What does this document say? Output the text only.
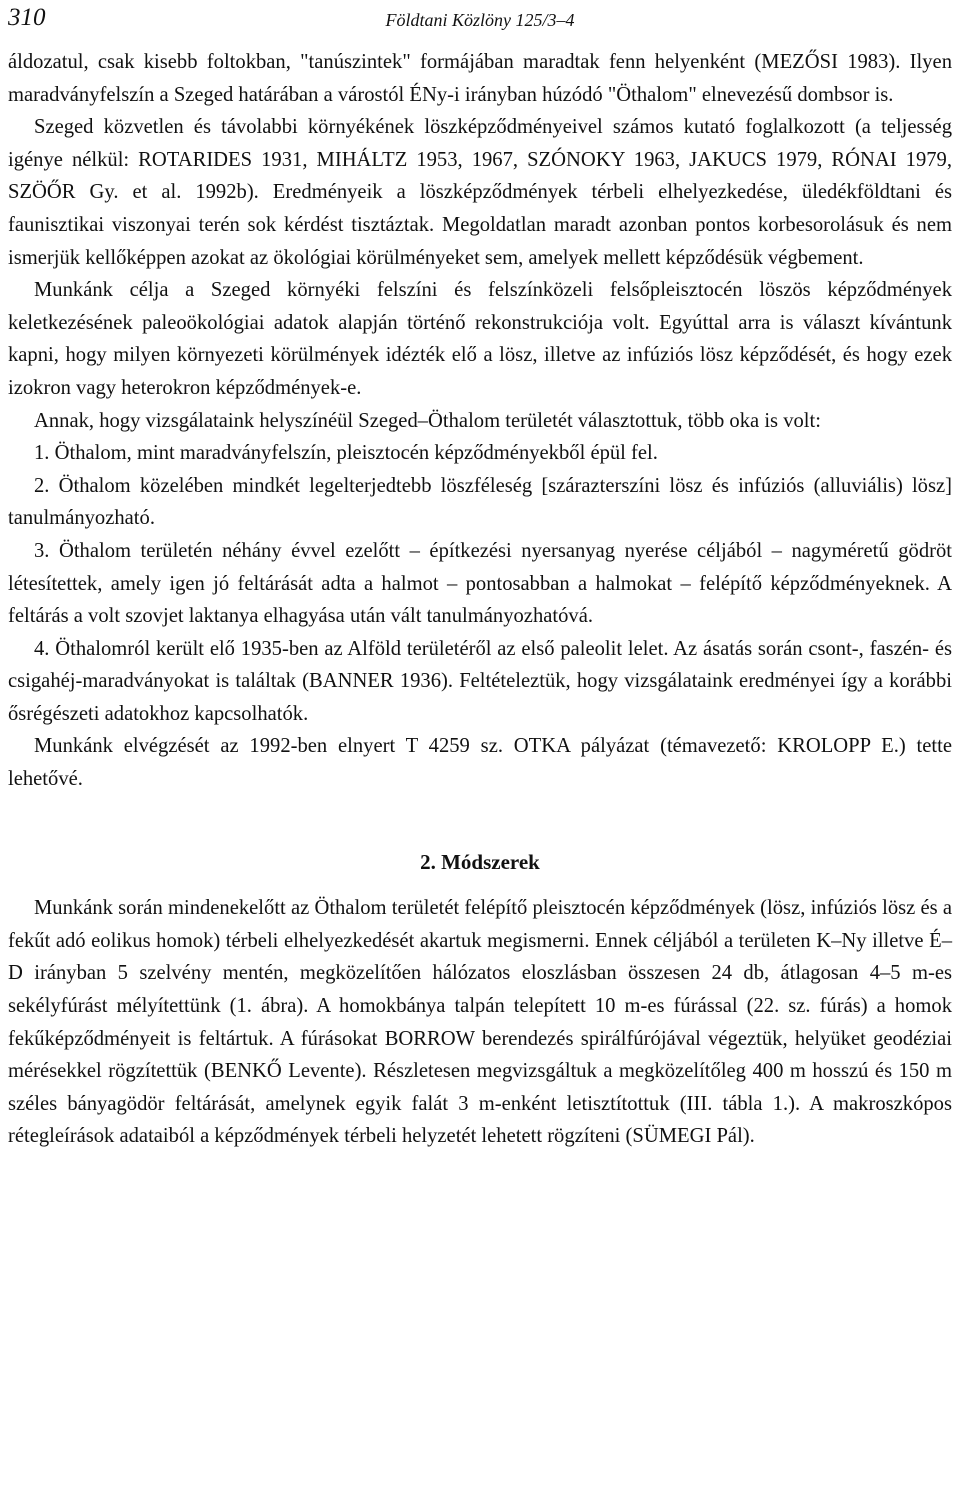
310	Földtani Közlöny 125/3–4

áldozatul, csak kisebb foltokban, "tanúszintek" formájában maradtak fenn helyenként (MEZŐSI 1983). Ilyen maradványfelszín a Szeged határában a várostól ÉNy-i irányban húzódó "Öthalom" elnevezésű dombsor is.

Szeged közvetlen és távolabbi környékének löszképződményeivel számos kutató foglalkozott (a teljesség igénye nélkül: ROTARIDES 1931, MIHÁLTZ 1953, 1967, SZÓNOKY 1963, JAKUCS 1979, RÓNAI 1979, SZÖŐR Gy. et al. 1992b). Eredményeik a löszképződmények térbeli elhelyezkedése, üledékföldtani és faunisztikai viszonyai terén sok kérdést tisztáztak. Megoldatlan maradt azonban pontos korbesorolásuk és nem ismerjük kellőképpen azokat az ökológiai körülményeket sem, amelyek mellett képződésük végbement.

Munkánk célja a Szeged környéki felszíni és felszínközeli felsőpleisztocén löszös képződmények keletkezésének paleoökológiai adatok alapján történő rekonstrukciója volt. Egyúttal arra is választ kívántunk kapni, hogy milyen környezeti körülmények idézték elő a lösz, illetve az infúziós lösz képződését, és hogy ezek izokron vagy heterokron képződmények-e.

Annak, hogy vizsgálataink helyszínéül Szeged–Öthalom területét választottuk, több oka is volt:

1. Öthalom, mint maradványfelszín, pleisztocén képződményekből épül fel.

2. Öthalom közelében mindkét legelterjedtebb löszféleség [szárazterszíni lösz és infúziós (alluviális) lösz] tanulmányozható.

3. Öthalom területén néhány évvel ezelőtt – építkezési nyersanyag nyerése céljából – nagyméretű gödröt létesítettek, amely igen jó feltárását adta a halmot – pontosabban a halmokat – felépítő képződményeknek. A feltárás a volt szovjet laktanya elhagyása után vált tanulmányozhatóvá.

4. Öthalomról került elő 1935-ben az Alföld területéről az első paleolit lelet. Az ásatás során csont-, faszén- és csigahéj-maradványokat is találtak (BANNER 1936). Feltételeztük, hogy vizsgálataink eredményei így a korábbi ősrégészeti adatokhoz kapcsolhatók.

Munkánk elvégzését az 1992-ben elnyert T 4259 sz. OTKA pályázat (témavezető: KROLOPP E.) tette lehetővé.

2. Módszerek

Munkánk során mindenekelőtt az Öthalom területét felépítő pleisztocén képződmények (lösz, infúziós lösz és a fekűt adó eolikus homok) térbeli elhelyezkedését akartuk megismerni. Ennek céljából a területen K–Ny illetve É–D irányban 5 szelvény mentén, megközelítően hálózatos eloszlásban összesen 24 db, átlagosan 4–5 m-es sekélyfúrást mélyítettünk (1. ábra). A homokbánya talpán telepített 10 m-es fúrással (22. sz. fúrás) a homok fekűképződményeit is feltártuk. A fúrásokat BORROW berendezés spirálfúrójával végeztük, helyüket geodéziai mérésekkel rögzítettük (BENKŐ Levente). Részletesen megvizsgáltuk a megközelítőleg 400 m hosszú és 150 m széles bányagödör feltárását, amelynek egyik falát 3 m-enként letisztítottuk (III. tábla 1.). A makroszkópos rétegleírások adataiból a képződmények térbeli helyzetét lehetett rögzíteni (SÜMEGI Pál).
